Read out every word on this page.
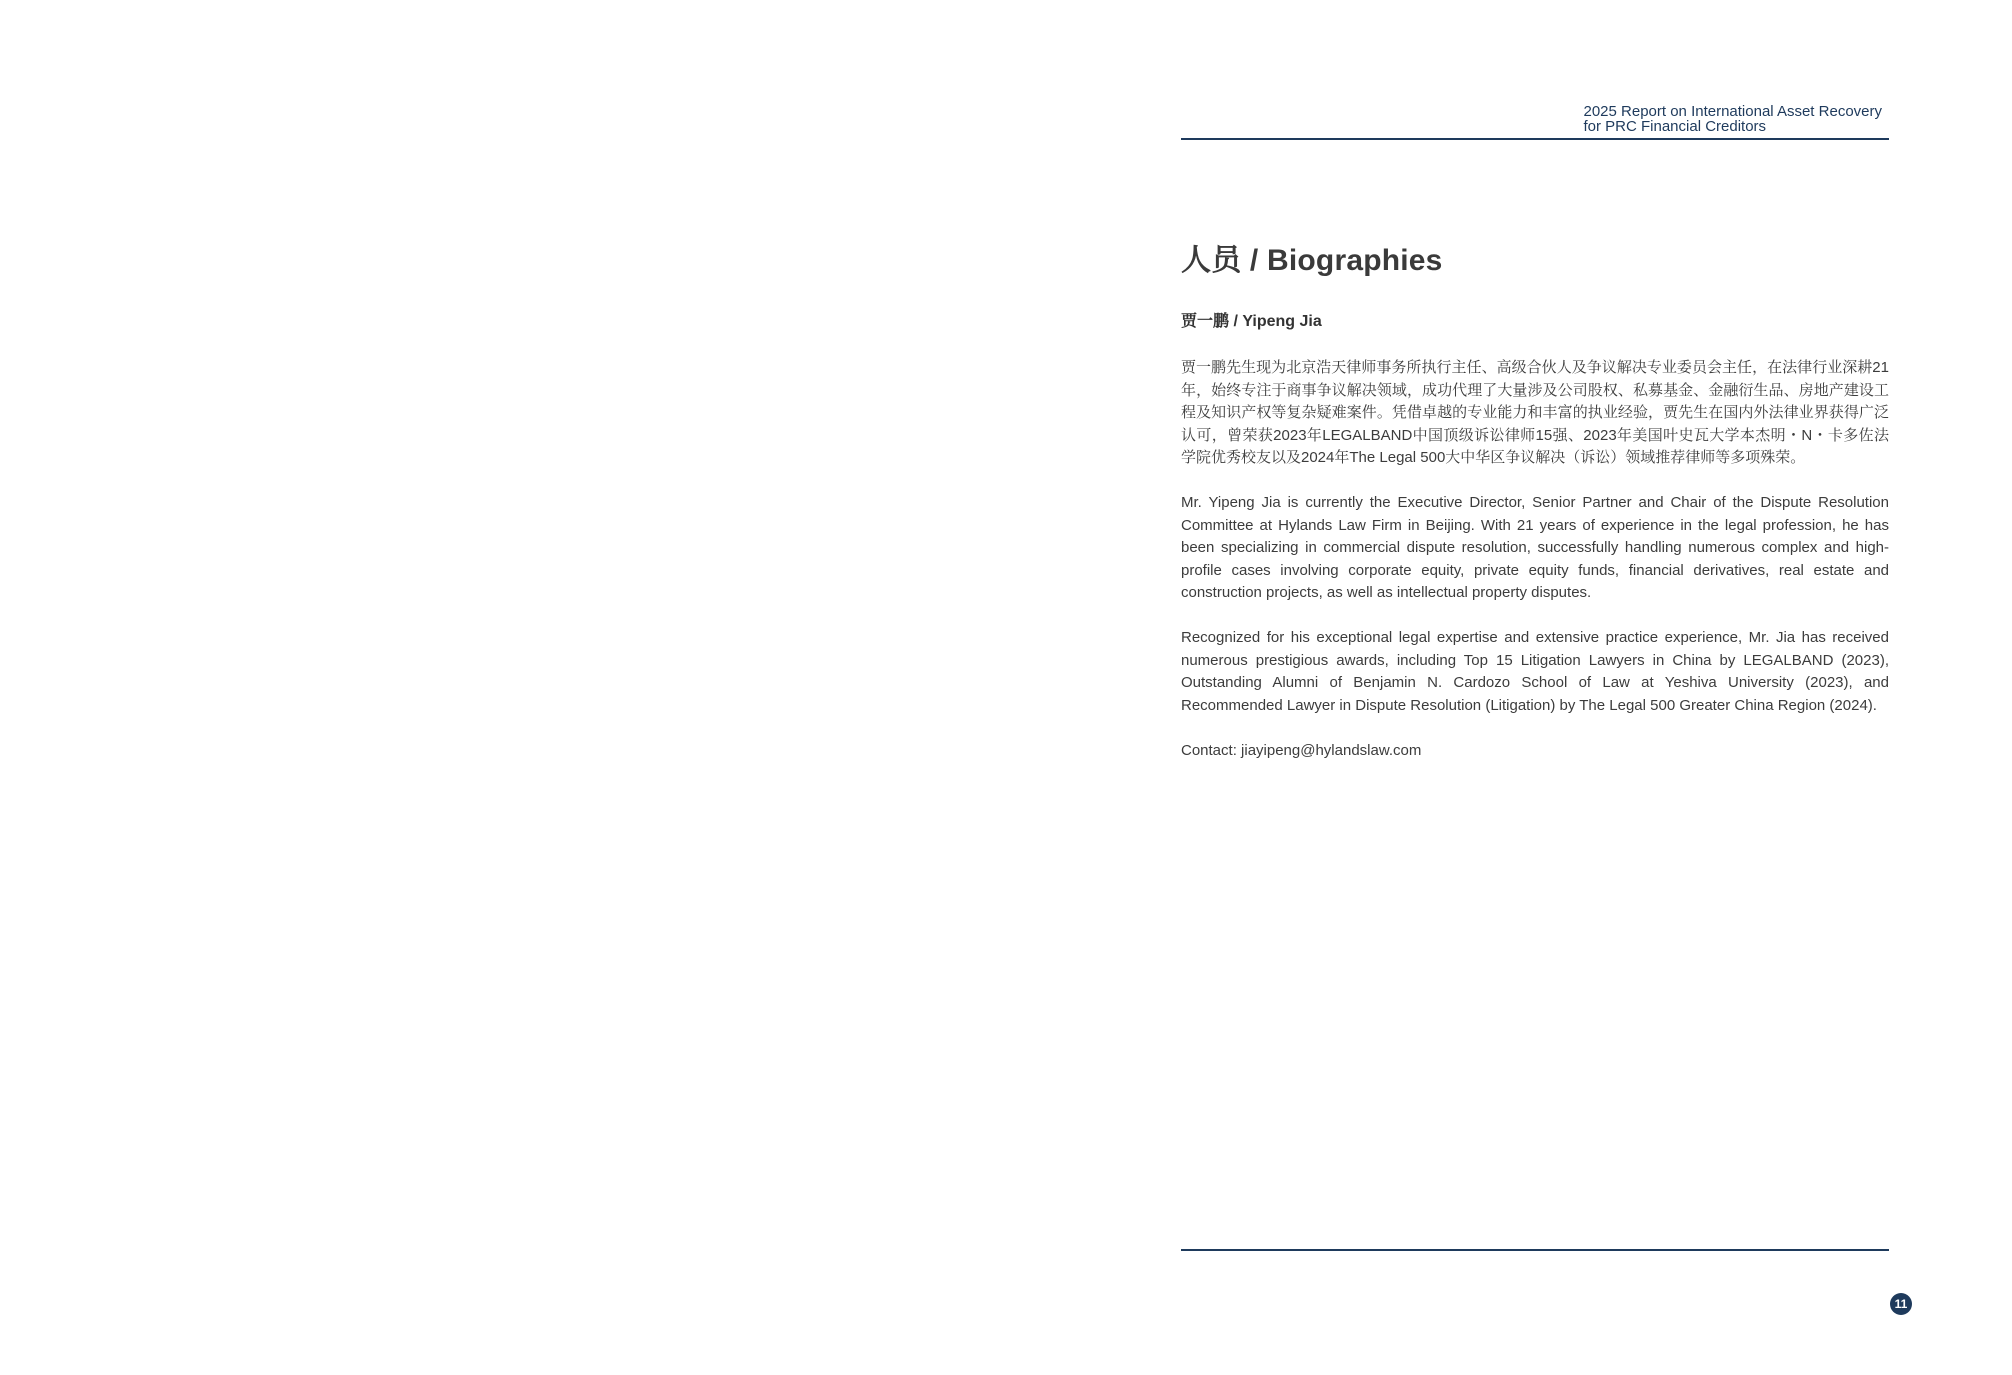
2025 Report on International Asset Recovery
for PRC Financial Creditors
人员 / Biographies
贾一鹏 / Yipeng Jia

贾一鹏先生现为北京浩天律师事务所执行主任、高级合伙人及争议解决专业委员会主任，在法律行业深耕21年，始终专注于商事争议解决领域，成功代理了大量涉及公司股权、私募基金、金融衍生品、房地产建设工程及知识产权等复杂疑难案件。凭借卓越的专业能力和丰富的执业经验，贾先生在国内外法律业界获得广泛认可，曾荣获2023年LEGALBAND中国顶级诉讼律师15强、2023年美国叶史瓦大学本杰明・N・卡多佐法学院优秀校友以及2024年The Legal 500大中华区争议解决（诉讼）领域推荐律师等多项殊荣。

Mr. Yipeng Jia is currently the Executive Director, Senior Partner and Chair of the Dispute Resolution Committee at Hylands Law Firm in Beijing. With 21 years of experience in the legal profession, he has been specializing in commercial dispute resolution, successfully handling numerous complex and high-profile cases involving corporate equity, private equity funds, financial derivatives, real estate and construction projects, as well as intellectual property disputes.

Recognized for his exceptional legal expertise and extensive practice experience, Mr. Jia has received numerous prestigious awards, including Top 15 Litigation Lawyers in China by LEGALBAND (2023), Outstanding Alumni of Benjamin N. Cardozo School of Law at Yeshiva University (2023), and Recommended Lawyer in Dispute Resolution (Litigation) by The Legal 500 Greater China Region (2024).

Contact: jiayipeng@hylandslaw.com
11
